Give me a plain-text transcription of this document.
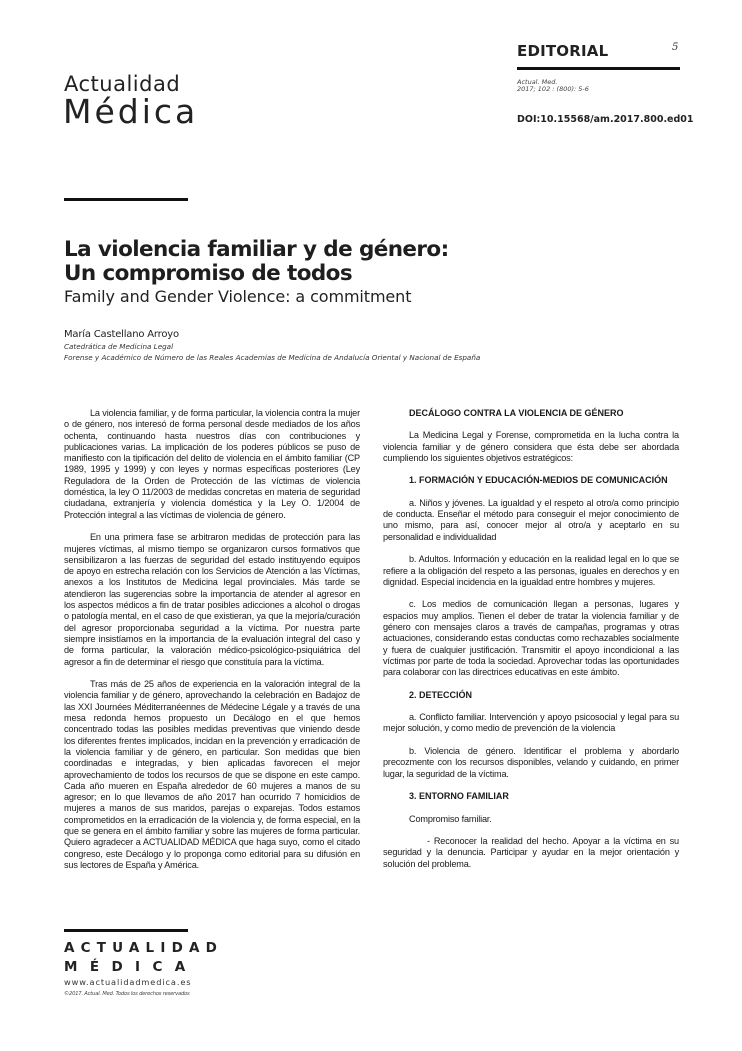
EDITORIAL	5
Actual. Med.
2017; 102 : (800): 5-6
DOI:10.15568/am.2017.800.ed01
Actualidad
Médica
La violencia familiar y de género:
Un compromiso de todos
Family and Gender Violence: a commitment
María Castellano Arroyo
Catedrática de Medicina Legal
Forense y Académico de Número de las Reales Academias de Medicina de Andalucía Oriental y Nacional de España

La violencia familiar, y de forma particular, la violencia contra la mujer o de género, nos interesó de forma personal desde mediados de los años ochenta, continuando hasta nuestros días con contribuciones y publicaciones varias. La implicación de los poderes públicos se puso de manifiesto con la tipificación del delito de violencia en el ámbito familiar (CP 1989, 1995 y 1999) y con leyes y normas específicas posteriores (Ley Reguladora de la Orden de Protección de las víctimas de violencia doméstica, la ley O 11/2003 de medidas concretas en materia de seguridad ciudadana, extranjería y violencia doméstica y la Ley O. 1/2004 de Protección integral a las víctimas de violencia de género.

En una primera fase se arbitraron medidas de protección para las mujeres víctimas, al mismo tiempo se organizaron cursos formativos que sensibilizaron a las fuerzas de seguridad del estado instituyendo equipos de apoyo en estrecha relación con los Servicios de Atención a las Víctimas, anexos a los Institutos de Medicina legal provinciales. Más tarde se atendieron las sugerencias sobre la importancia de atender al agresor en los aspectos médicos a fin de tratar posibles adicciones a alcohol o drogas o patología mental, en el caso de que existieran, ya que la mejoría/curación del agresor proporcionaba seguridad a la víctima. Por nuestra parte siempre insistíamos en la importancia de la evaluación integral del caso y de forma particular, la valoración médico-psicológico-psiquiátrica del agresor a fin de determinar el riesgo que constituía para la víctima.

Tras más de 25 años de experiencia en la valoración integral de la violencia familiar y de género, aprovechando la celebración en Badajoz de las XXI Journées Méditerranéennes de Médecine Légale y a través de una mesa redonda hemos propuesto un Decálogo en el que hemos concentrado todas las posibles medidas preventivas que viniendo desde los diferentes frentes implicados, incidan en la prevención y erradicación de la violencia familiar y de género, en particular. Son medidas que bien coordinadas e integradas, y bien aplicadas favorecen el mejor aprovechamiento de todos los recursos de que se dispone en este campo. Cada año mueren en España alrededor de 60 mujeres a manos de su agresor; en lo que llevamos de año 2017 han ocurrido 7 homicidios de mujeres a manos de sus maridos, parejas o exparejas. Todos estamos comprometidos en la erradicación de la violencia y, de forma especial, en la que se genera en el ámbito familiar y sobre las mujeres de forma particular. Quiero agradecer a ACTUALIDAD MÉDICA que haga suyo, como el citado congreso, este Decálogo y lo proponga como editorial para su difusión en sus lectores de España y América.

DECÁLOGO CONTRA LA VIOLENCIA DE GÉNERO

La Medicina Legal y Forense, comprometida en la lucha contra la violencia familiar y de género considera que ésta debe ser abordada cumpliendo los siguientes objetivos estratégicos:

1. FORMACIÓN Y EDUCACIÓN-MEDIOS DE COMUNICACIÓN

a. Niños y jóvenes. La igualdad y el respeto al otro/a como principio de conducta. Enseñar el método para conseguir el mejor conocimiento de uno mismo, para así, conocer mejor al otro/a y aceptarlo en su personalidad e individualidad

b. Adultos. Información y educación en la realidad legal en lo que se refiere a la obligación del respeto a las personas, iguales en derechos y en dignidad. Especial incidencia en la igualdad entre hombres y mujeres.

c. Los medios de comunicación llegan a personas, lugares y espacios muy amplios. Tienen el deber de tratar la violencia familiar y de género con mensajes claros a través de campañas, programas y otras actuaciones, considerando estas conductas como rechazables socialmente y fuera de cualquier justificación. Transmitir el apoyo incondicional a las víctimas por parte de toda la sociedad. Aprovechar todas las oportunidades para colaborar con las directrices educativas en este ámbito.

2. DETECCIÓN

a. Conflicto familiar. Intervención y apoyo psicosocial y legal para su mejor solución, y como medio de prevención de la violencia

b. Violencia de género. Identificar el problema y abordarlo precozmente con los recursos disponibles, velando y cuidando, en primer lugar, la seguridad de la víctima.

3. ENTORNO FAMILIAR

Compromiso familiar.

- Reconocer la realidad del hecho. Apoyar a la víctima en su seguridad y la denuncia. Participar y ayudar en la mejor orientación y solución del problema.

ACTUALIDAD
MÉDICA
www.actualidadmedica.es
©2017. Actual. Med. Todos los derechos reservados
